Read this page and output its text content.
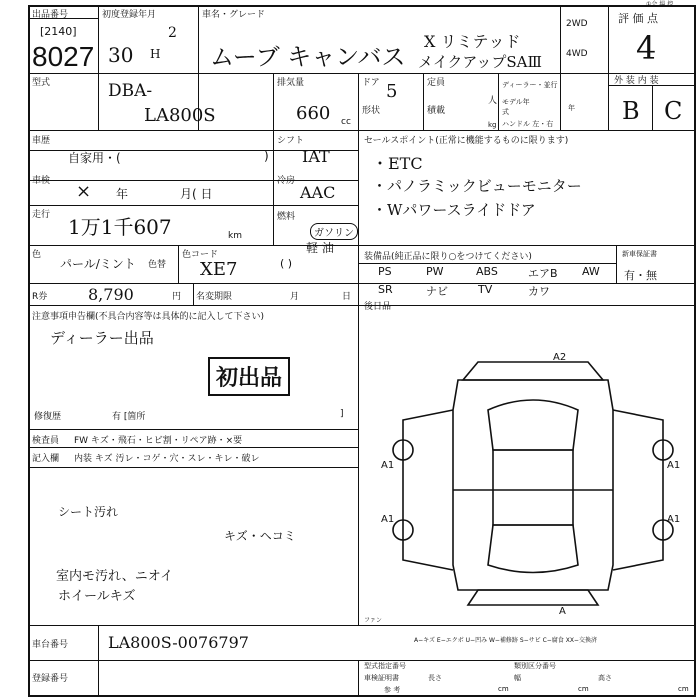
出品番号
[2140]
8027
初度登録年月
30
2
H
車名・グレード
ムーブ キャンバス
X リミテッド
メイクアップSAⅢ
2WD
4WD
評 価 点
4
①会 場 控
型式	DBA-
LA800S
排気量
660 cc
ドア 5
形状
定員
人
積載
kg
ディーラー・並行
モデル年式	年
ハンドル 左・右
外 装 内 装
B C
車歴
自家用・(	)
シフト
IAT
車検 × 年	月( 日
冷房
AAC
走行 1万1千607	km
燃料
ガソリン
軽 油
( )
色
パール/ミント 色替
色コード
XE7
R券	8,790	円 名変期限	月	日
セールスポイント(正常に機能するものに限ります)
・ETC
・パノラミックビューモニター
・Wパワースライドドア
装備品(純正品に限り○をつけてください)
PS	PW	ABS	エアB AW
SR	ナビ	TV	カワ
新車保証書
有・無
後日品
注意事項申告欄(不具合内容等は具体的に記入して下さい)
ディーラー出品
初出品
修復歴	有 [箇所	]
検査員 FW キズ・飛石・ヒビ割・リペア跡・×要
記入欄 内装 キズ 汚レ・コゲ・穴・スレ・キレ・破レ
シート汚れ
キズ・ヘコミ
室内モ汚れ、ニオイ
ホイールキズ
A2
A1
A1
A1
A1
A
ファン
車台番号 LA800S-0076797	A−キズ E−エクボ U−凹み W−補修跡 S−サビ C−腐食 XX−交換済
登録番号
型式指定番号	類別区分番号
車検証明書
参 考
長さ
cm
幅
cm
高さ
cm
